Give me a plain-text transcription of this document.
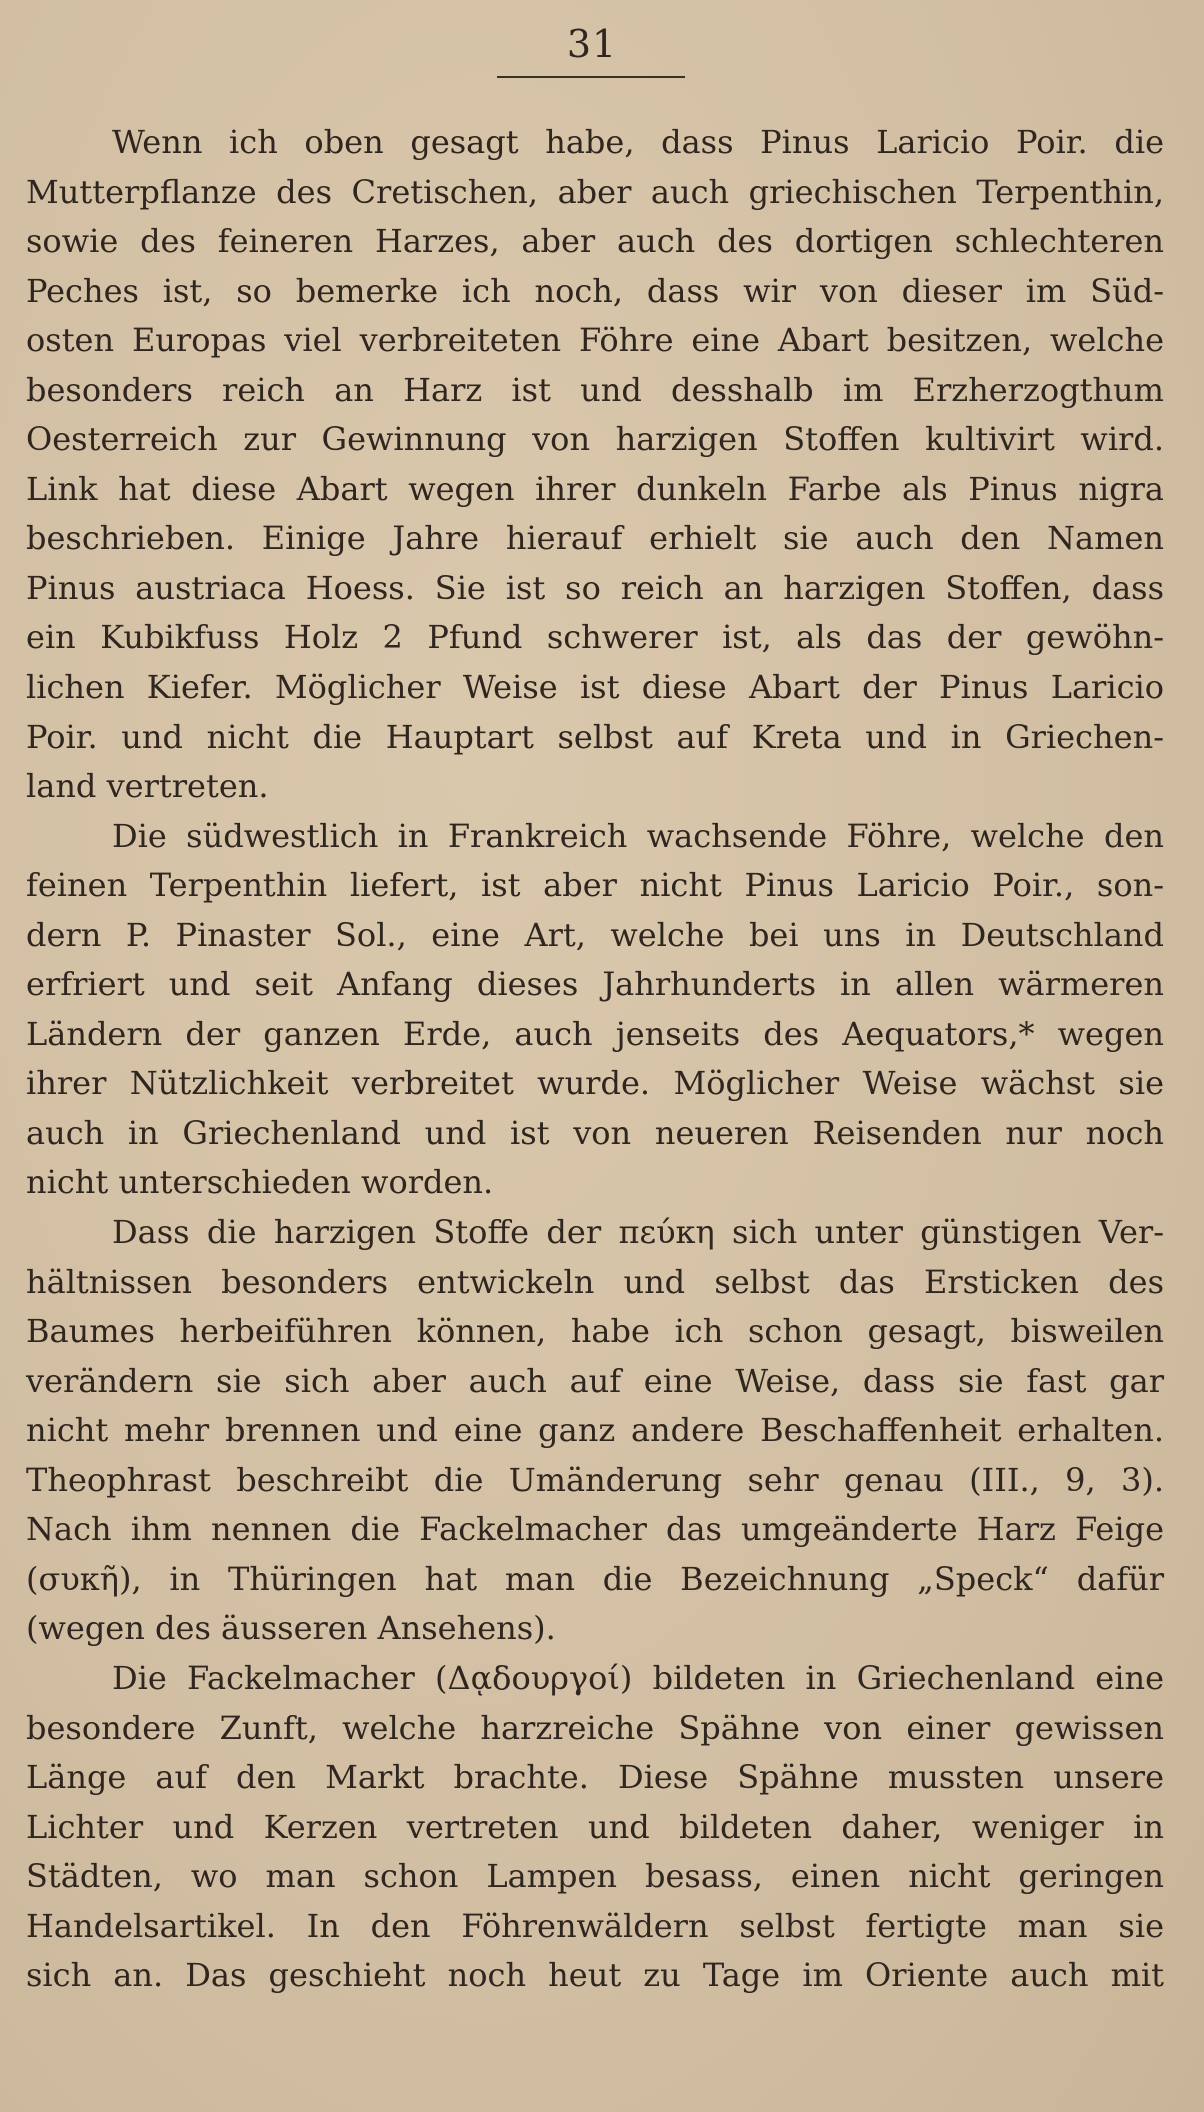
31
Wenn ich oben gesagt habe, dass Pinus Laricio Poir. die
Mutterpflanze des Cretischen, aber auch griechischen Terpenthin,
sowie des feineren Harzes, aber auch des dortigen schlechteren
Peches ist, so bemerke ich noch, dass wir von dieser im Süd-
osten Europas viel verbreiteten Föhre eine Abart besitzen, welche
besonders reich an Harz ist und desshalb im Erzherzogthum
Oesterreich zur Gewinnung von harzigen Stoffen kultivirt wird.
Link hat diese Abart wegen ihrer dunkeln Farbe als Pinus nigra
beschrieben. Einige Jahre hierauf erhielt sie auch den Namen
Pinus austriaca Hoess. Sie ist so reich an harzigen Stoffen, dass
ein Kubikfuss Holz 2 Pfund schwerer ist, als das der gewöhn-
lichen Kiefer. Möglicher Weise ist diese Abart der Pinus Laricio
Poir. und nicht die Hauptart selbst auf Kreta und in Griechen-
land vertreten.
Die südwestlich in Frankreich wachsende Föhre, welche den
feinen Terpenthin liefert, ist aber nicht Pinus Laricio Poir., son-
dern P. Pinaster Sol., eine Art, welche bei uns in Deutschland
erfriert und seit Anfang dieses Jahrhunderts in allen wärmeren
Ländern der ganzen Erde, auch jenseits des Aequators,* wegen
ihrer Nützlichkeit verbreitet wurde. Möglicher Weise wächst sie
auch in Griechenland und ist von neueren Reisenden nur noch
nicht unterschieden worden.
Dass die harzigen Stoffe der πεύκη sich unter günstigen Ver-
hältnissen besonders entwickeln und selbst das Ersticken des
Baumes herbeiführen können, habe ich schon gesagt, bisweilen
verändern sie sich aber auch auf eine Weise, dass sie fast gar
nicht mehr brennen und eine ganz andere Beschaffenheit erhalten.
Theophrast beschreibt die Umänderung sehr genau (III., 9, 3).
Nach ihm nennen die Fackelmacher das umgeänderte Harz Feige
(συκῆ), in Thüringen hat man die Bezeichnung „Speck“ dafür
(wegen des äusseren Ansehens).
Die Fackelmacher (Δᾳδουργοί) bildeten in Griechenland eine
besondere Zunft, welche harzreiche Spähne von einer gewissen
Länge auf den Markt brachte. Diese Spähne mussten unsere
Lichter und Kerzen vertreten und bildeten daher, weniger in
Städten, wo man schon Lampen besass, einen nicht geringen
Handelsartikel. In den Föhrenwäldern selbst fertigte man sie
sich an. Das geschieht noch heut zu Tage im Oriente auch mit
